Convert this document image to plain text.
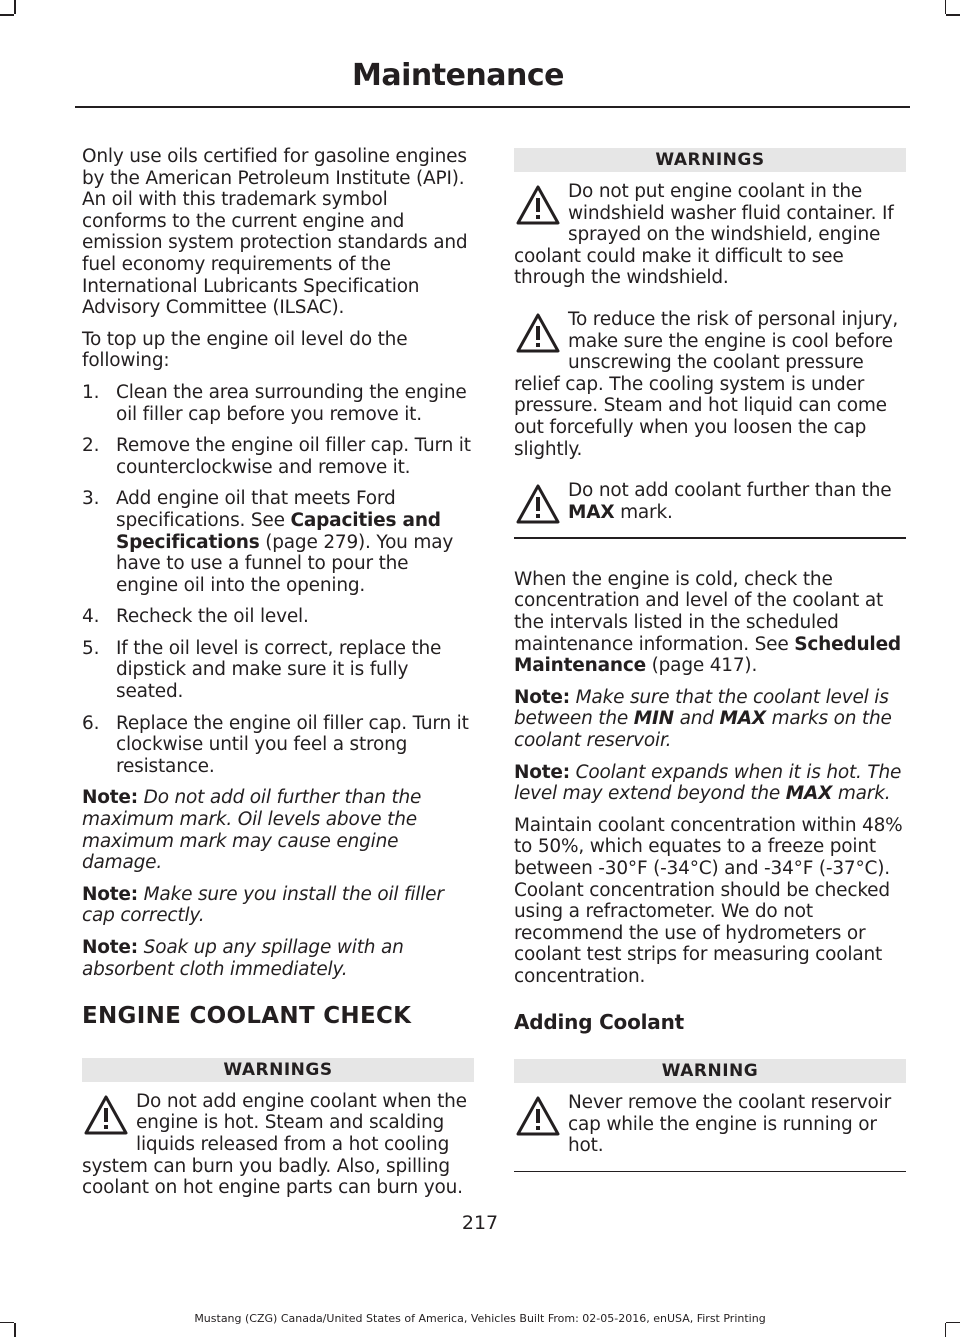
Maintenance

Only use oils certified for gasoline engines by the American Petroleum Institute (API). An oil with this trademark symbol conforms to the current engine and emission system protection standards and fuel economy requirements of the International Lubricants Specification Advisory Committee (ILSAC).

To top up the engine oil level do the following:

1. Clean the area surrounding the engine oil filler cap before you remove it.
2. Remove the engine oil filler cap. Turn it counterclockwise and remove it.
3. Add engine oil that meets Ford specifications. See Capacities and Specifications (page 279). You may have to use a funnel to pour the engine oil into the opening.
4. Recheck the oil level.
5. If the oil level is correct, replace the dipstick and make sure it is fully seated.
6. Replace the engine oil filler cap. Turn it clockwise until you feel a strong resistance.

Note: Do not add oil further than the maximum mark. Oil levels above the maximum mark may cause engine damage.

Note: Make sure you install the oil filler cap correctly.

Note: Soak up any spillage with an absorbent cloth immediately.

ENGINE COOLANT CHECK
WARNINGS
Do not add engine coolant when the engine is hot. Steam and scalding liquids released from a hot cooling system can burn you badly. Also, spilling coolant on hot engine parts can burn you.
WARNINGS
Do not put engine coolant in the windshield washer fluid container. If sprayed on the windshield, engine coolant could make it difficult to see through the windshield.
To reduce the risk of personal injury, make sure the engine is cool before unscrewing the coolant pressure relief cap. The cooling system is under pressure. Steam and hot liquid can come out forcefully when you loosen the cap slightly.
Do not add coolant further than the MAX mark.

When the engine is cold, check the concentration and level of the coolant at the intervals listed in the scheduled maintenance information. See Scheduled Maintenance (page 417).

Note: Make sure that the coolant level is between the MIN and MAX marks on the coolant reservoir.

Note: Coolant expands when it is hot. The level may extend beyond the MAX mark.

Maintain coolant concentration within 48% to 50%, which equates to a freeze point between -30°F (-34°C) and -34°F (-37°C). Coolant concentration should be checked using a refractometer. We do not recommend the use of hydrometers or coolant test strips for measuring coolant concentration.

Adding Coolant
WARNING
Never remove the coolant reservoir cap while the engine is running or hot.
217
Mustang (CZG) Canada/United States of America, Vehicles Built From: 02-05-2016, enUSA, First Printing
